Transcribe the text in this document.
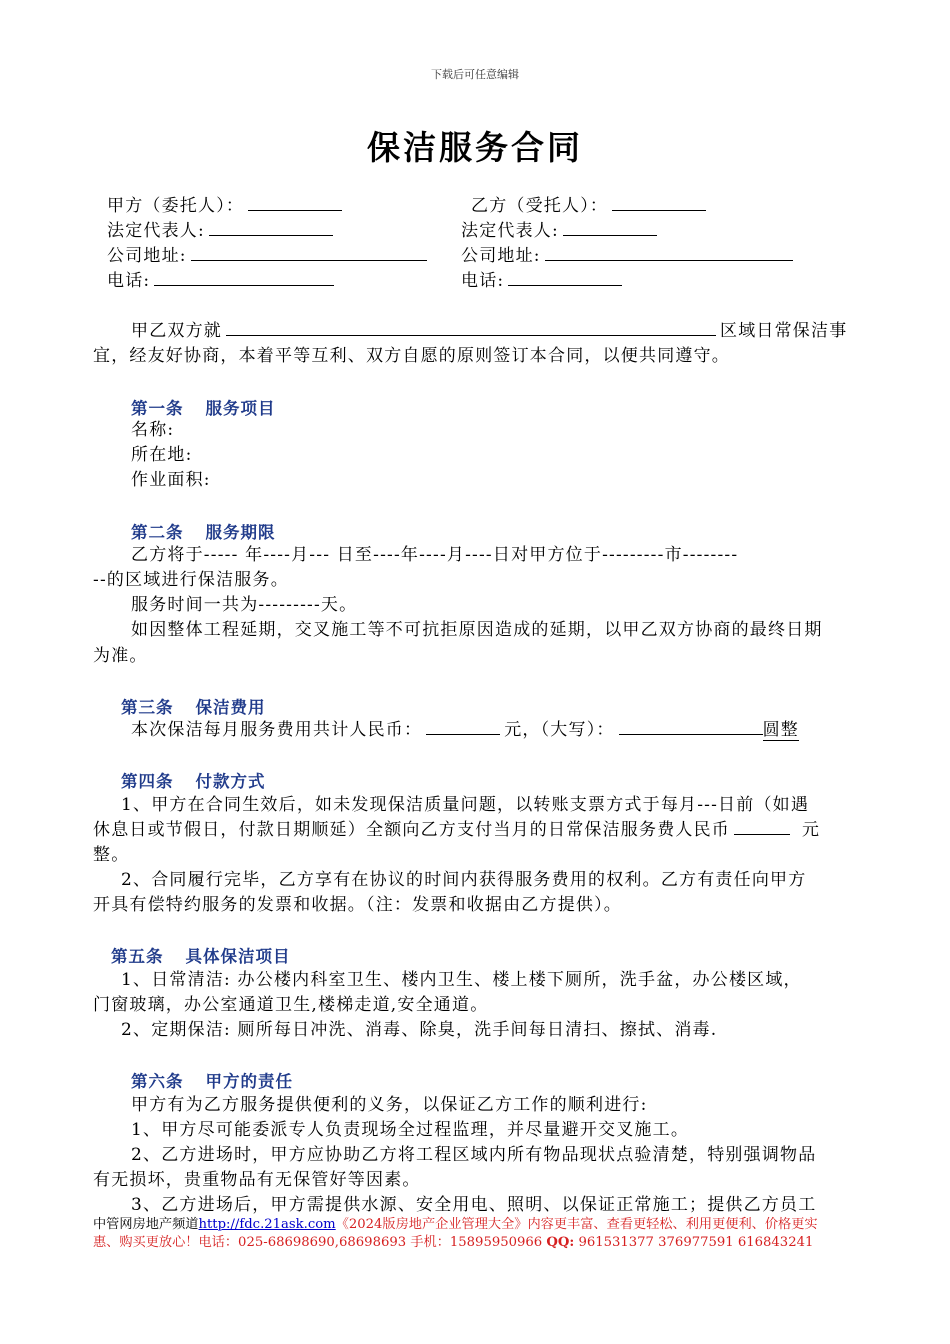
下载后可任意编辑
保洁服务合同
甲方（委托人）：	乙方（受托人）：
法定代表人:	法定代表人:
公司地址:	公司地址:
电话:	电话:
甲乙双方就	区域日常保洁事
宜，经友好协商，本着平等互利、双方自愿的原则签订本合同，以便共同遵守。
第一条 服务项目
名称:
所在地:
作业面积:
第二条 服务期限
乙方将于----- 年----月--- 日至----年----月----日对甲方位于---------市--------
--的区域进行保洁服务。
服务时间一共为---------天。
如因整体工程延期，交叉施工等不可抗拒原因造成的延期，以甲乙双方协商的最终日期
为准。
第三条 保洁费用
本次保洁每月服务费用共计人民币：	元，（大写）：	圆整
第四条 付款方式
1、甲方在合同生效后，如未发现保洁质量问题，以转账支票方式于每月---日前（如遇
休息日或节假日，付款日期顺延）全额向乙方支付当月的日常保洁服务费人民币	元
整。
2、合同履行完毕，乙方享有在协议的时间内获得服务费用的权利。乙方有责任向甲方
开具有偿特约服务的发票和收据。（注：发票和收据由乙方提供）。
第五条 具体保洁项目
1、日常清洁: 办公楼内科室卫生、楼内卫生、楼上楼下厕所，洗手盆，办公楼区域，
门窗玻璃，办公室通道卫生,楼梯走道,安全通道。
2、定期保洁: 厕所每日冲洗、消毒、除臭，洗手间每日清扫、擦拭、消毒.
第六条 甲方的责任
甲方有为乙方服务提供便利的义务，以保证乙方工作的顺利进行:
1、甲方尽可能委派专人负责现场全过程监理，并尽量避开交叉施工。
2、乙方进场时，甲方应协助乙方将工程区域内所有物品现状点验清楚，特别强调物品
有无损坏，贵重物品有无保管好等因素。
3、乙方进场后，甲方需提供水源、安全用电、照明、以保证正常施工；提供乙方员工
中管网房地产频道http://fdc.21ask.com《2024版房地产企业管理大全》内容更丰富、查看更轻松、利用更便利、价格更实
惠、购买更放心！电话：025-68698690,68698693 手机：15895950966 QQ: 961531377 376977591 616843241
